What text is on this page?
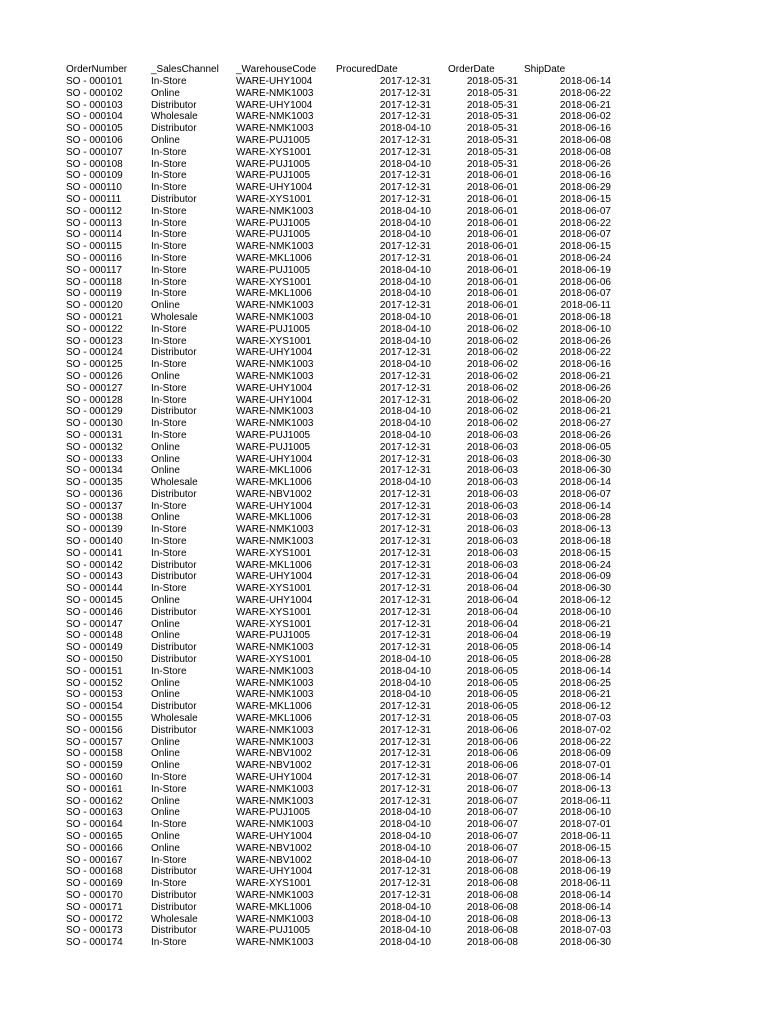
OrderNumber	_SalesChannel	_WarehouseCode	ProcuredDate	OrderDate	ShipDate
SO - 000101	In-Store	WARE-UHY1004	2017-12-31	2018-05-31	2018-06-14
SO - 000102	Online	WARE-NMK1003	2017-12-31	2018-05-31	2018-06-22
SO - 000103	Distributor	WARE-UHY1004	2017-12-31	2018-05-31	2018-06-21
SO - 000104	Wholesale	WARE-NMK1003	2017-12-31	2018-05-31	2018-06-02
SO - 000105	Distributor	WARE-NMK1003	2018-04-10	2018-05-31	2018-06-16
SO - 000106	Online	WARE-PUJ1005	2017-12-31	2018-05-31	2018-06-08
SO - 000107	In-Store	WARE-XYS1001	2017-12-31	2018-05-31	2018-06-08
SO - 000108	In-Store	WARE-PUJ1005	2018-04-10	2018-05-31	2018-06-26
SO - 000109	In-Store	WARE-PUJ1005	2017-12-31	2018-06-01	2018-06-16
SO - 000110	In-Store	WARE-UHY1004	2017-12-31	2018-06-01	2018-06-29
SO - 000111	Distributor	WARE-XYS1001	2017-12-31	2018-06-01	2018-06-15
SO - 000112	In-Store	WARE-NMK1003	2018-04-10	2018-06-01	2018-06-07
SO - 000113	In-Store	WARE-PUJ1005	2018-04-10	2018-06-01	2018-06-22
SO - 000114	In-Store	WARE-PUJ1005	2018-04-10	2018-06-01	2018-06-07
SO - 000115	In-Store	WARE-NMK1003	2017-12-31	2018-06-01	2018-06-15
SO - 000116	In-Store	WARE-MKL1006	2017-12-31	2018-06-01	2018-06-24
SO - 000117	In-Store	WARE-PUJ1005	2018-04-10	2018-06-01	2018-06-19
SO - 000118	In-Store	WARE-XYS1001	2018-04-10	2018-06-01	2018-06-06
SO - 000119	In-Store	WARE-MKL1006	2018-04-10	2018-06-01	2018-06-07
SO - 000120	Online	WARE-NMK1003	2017-12-31	2018-06-01	2018-06-11
SO - 000121	Wholesale	WARE-NMK1003	2018-04-10	2018-06-01	2018-06-18
SO - 000122	In-Store	WARE-PUJ1005	2018-04-10	2018-06-02	2018-06-10
SO - 000123	In-Store	WARE-XYS1001	2018-04-10	2018-06-02	2018-06-26
SO - 000124	Distributor	WARE-UHY1004	2017-12-31	2018-06-02	2018-06-22
SO - 000125	In-Store	WARE-NMK1003	2018-04-10	2018-06-02	2018-06-16
SO - 000126	Online	WARE-NMK1003	2017-12-31	2018-06-02	2018-06-21
SO - 000127	In-Store	WARE-UHY1004	2017-12-31	2018-06-02	2018-06-26
SO - 000128	In-Store	WARE-UHY1004	2017-12-31	2018-06-02	2018-06-20
SO - 000129	Distributor	WARE-NMK1003	2018-04-10	2018-06-02	2018-06-21
SO - 000130	In-Store	WARE-NMK1003	2018-04-10	2018-06-02	2018-06-27
SO - 000131	In-Store	WARE-PUJ1005	2018-04-10	2018-06-03	2018-06-26
SO - 000132	Online	WARE-PUJ1005	2017-12-31	2018-06-03	2018-06-05
SO - 000133	Online	WARE-UHY1004	2017-12-31	2018-06-03	2018-06-30
SO - 000134	Online	WARE-MKL1006	2017-12-31	2018-06-03	2018-06-30
SO - 000135	Wholesale	WARE-MKL1006	2018-04-10	2018-06-03	2018-06-14
SO - 000136	Distributor	WARE-NBV1002	2017-12-31	2018-06-03	2018-06-07
SO - 000137	In-Store	WARE-UHY1004	2017-12-31	2018-06-03	2018-06-14
SO - 000138	Online	WARE-MKL1006	2017-12-31	2018-06-03	2018-06-28
SO - 000139	In-Store	WARE-NMK1003	2017-12-31	2018-06-03	2018-06-13
SO - 000140	In-Store	WARE-NMK1003	2017-12-31	2018-06-03	2018-06-18
SO - 000141	In-Store	WARE-XYS1001	2017-12-31	2018-06-03	2018-06-15
SO - 000142	Distributor	WARE-MKL1006	2017-12-31	2018-06-03	2018-06-24
SO - 000143	Distributor	WARE-UHY1004	2017-12-31	2018-06-04	2018-06-09
SO - 000144	In-Store	WARE-XYS1001	2017-12-31	2018-06-04	2018-06-30
SO - 000145	Online	WARE-UHY1004	2017-12-31	2018-06-04	2018-06-12
SO - 000146	Distributor	WARE-XYS1001	2017-12-31	2018-06-04	2018-06-10
SO - 000147	Online	WARE-XYS1001	2017-12-31	2018-06-04	2018-06-21
SO - 000148	Online	WARE-PUJ1005	2017-12-31	2018-06-04	2018-06-19
SO - 000149	Distributor	WARE-NMK1003	2017-12-31	2018-06-05	2018-06-14
SO - 000150	Distributor	WARE-XYS1001	2018-04-10	2018-06-05	2018-06-28
SO - 000151	In-Store	WARE-NMK1003	2018-04-10	2018-06-05	2018-06-14
SO - 000152	Online	WARE-NMK1003	2018-04-10	2018-06-05	2018-06-25
SO - 000153	Online	WARE-NMK1003	2018-04-10	2018-06-05	2018-06-21
SO - 000154	Distributor	WARE-MKL1006	2017-12-31	2018-06-05	2018-06-12
SO - 000155	Wholesale	WARE-MKL1006	2017-12-31	2018-06-05	2018-07-03
SO - 000156	Distributor	WARE-NMK1003	2017-12-31	2018-06-06	2018-07-02
SO - 000157	Online	WARE-NMK1003	2017-12-31	2018-06-06	2018-06-22
SO - 000158	Online	WARE-NBV1002	2017-12-31	2018-06-06	2018-06-09
SO - 000159	Online	WARE-NBV1002	2017-12-31	2018-06-06	2018-07-01
SO - 000160	In-Store	WARE-UHY1004	2017-12-31	2018-06-07	2018-06-14
SO - 000161	In-Store	WARE-NMK1003	2017-12-31	2018-06-07	2018-06-13
SO - 000162	Online	WARE-NMK1003	2017-12-31	2018-06-07	2018-06-11
SO - 000163	Online	WARE-PUJ1005	2018-04-10	2018-06-07	2018-06-10
SO - 000164	In-Store	WARE-NMK1003	2018-04-10	2018-06-07	2018-07-01
SO - 000165	Online	WARE-UHY1004	2018-04-10	2018-06-07	2018-06-11
SO - 000166	Online	WARE-NBV1002	2018-04-10	2018-06-07	2018-06-15
SO - 000167	In-Store	WARE-NBV1002	2018-04-10	2018-06-07	2018-06-13
SO - 000168	Distributor	WARE-UHY1004	2017-12-31	2018-06-08	2018-06-19
SO - 000169	In-Store	WARE-XYS1001	2017-12-31	2018-06-08	2018-06-11
SO - 000170	Distributor	WARE-NMK1003	2017-12-31	2018-06-08	2018-06-14
SO - 000171	Distributor	WARE-MKL1006	2018-04-10	2018-06-08	2018-06-14
SO - 000172	Wholesale	WARE-NMK1003	2018-04-10	2018-06-08	2018-06-13
SO - 000173	Distributor	WARE-PUJ1005	2018-04-10	2018-06-08	2018-07-03
SO - 000174	In-Store	WARE-NMK1003	2018-04-10	2018-06-08	2018-06-30
